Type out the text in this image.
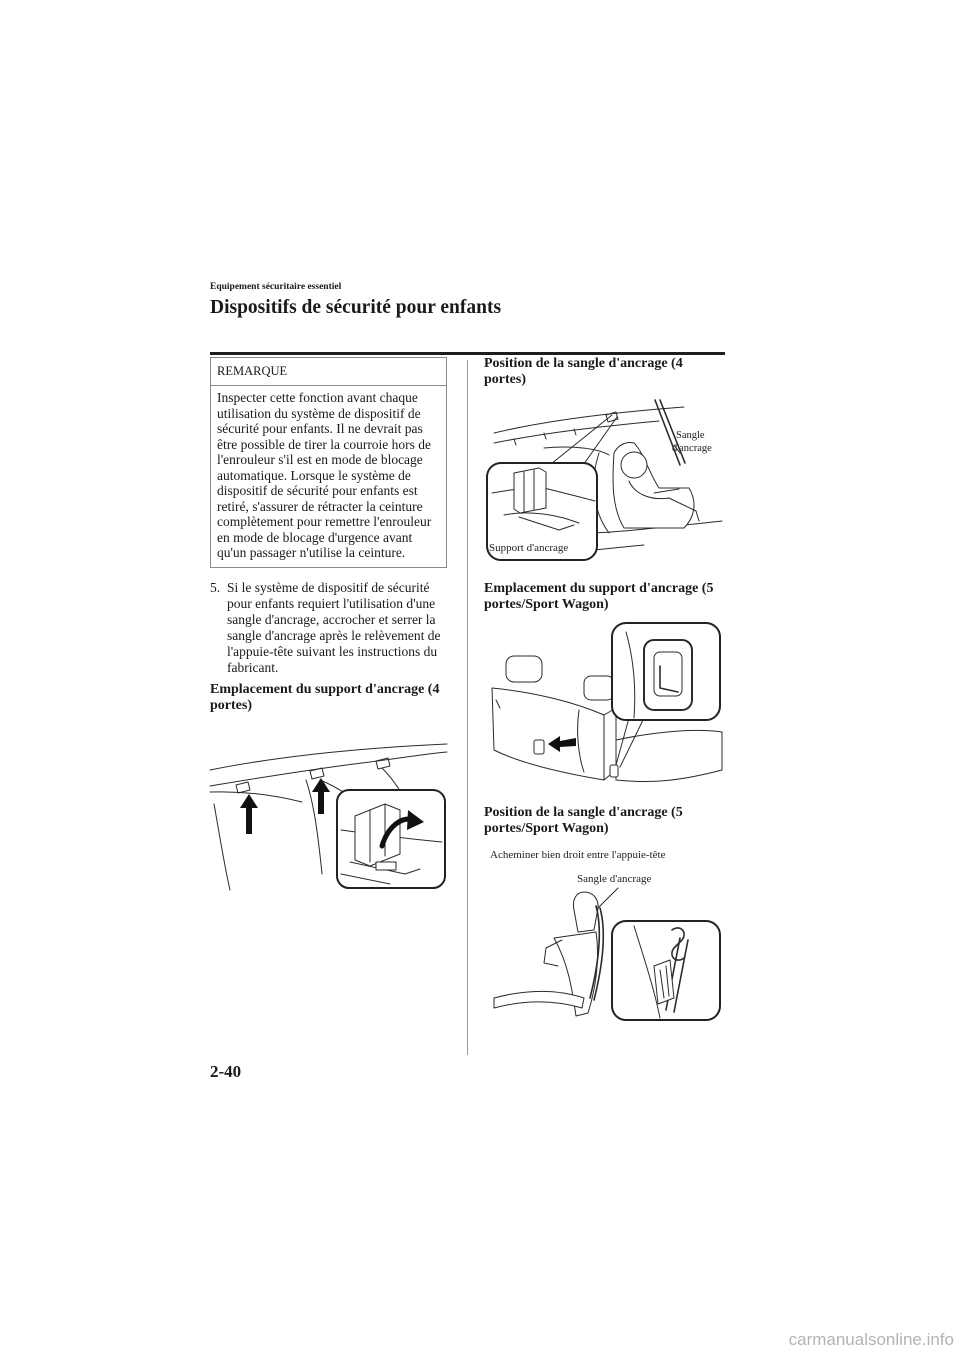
Equipement sécuritaire essentiel
Dispositifs de sécurité pour enfants
REMARQUE
Inspecter cette fonction avant chaque
utilisation du système de dispositif de
sécurité pour enfants. Il ne devrait pas
être possible de tirer la courroie hors de
l'enrouleur s'il est en mode de blocage
automatique. Lorsque le système de
dispositif de sécurité pour enfants est
retiré, s'assurer de rétracter la ceinture
complètement pour remettre l'enrouleur
en mode de blocage d'urgence avant
qu'un passager n'utilise la ceinture.
5. Si le système de dispositif de sécurité
pour enfants requiert l'utilisation d'une
sangle d'ancrage, accrocher et serrer la
sangle d'ancrage après le relèvement de
l'appuie-tête suivant les instructions du
fabricant.
Emplacement du support d'ancrage (4
portes)
Position de la sangle d'ancrage (4
portes)
Sangle
d'ancrage
Support d'ancrage
Emplacement du support d'ancrage (5
portes/Sport Wagon)
Position de la sangle d'ancrage (5
portes/Sport Wagon)
Acheminer bien droit entre l'appuie-tête
Sangle d'ancrage
2-40
carmanualsonline.info
